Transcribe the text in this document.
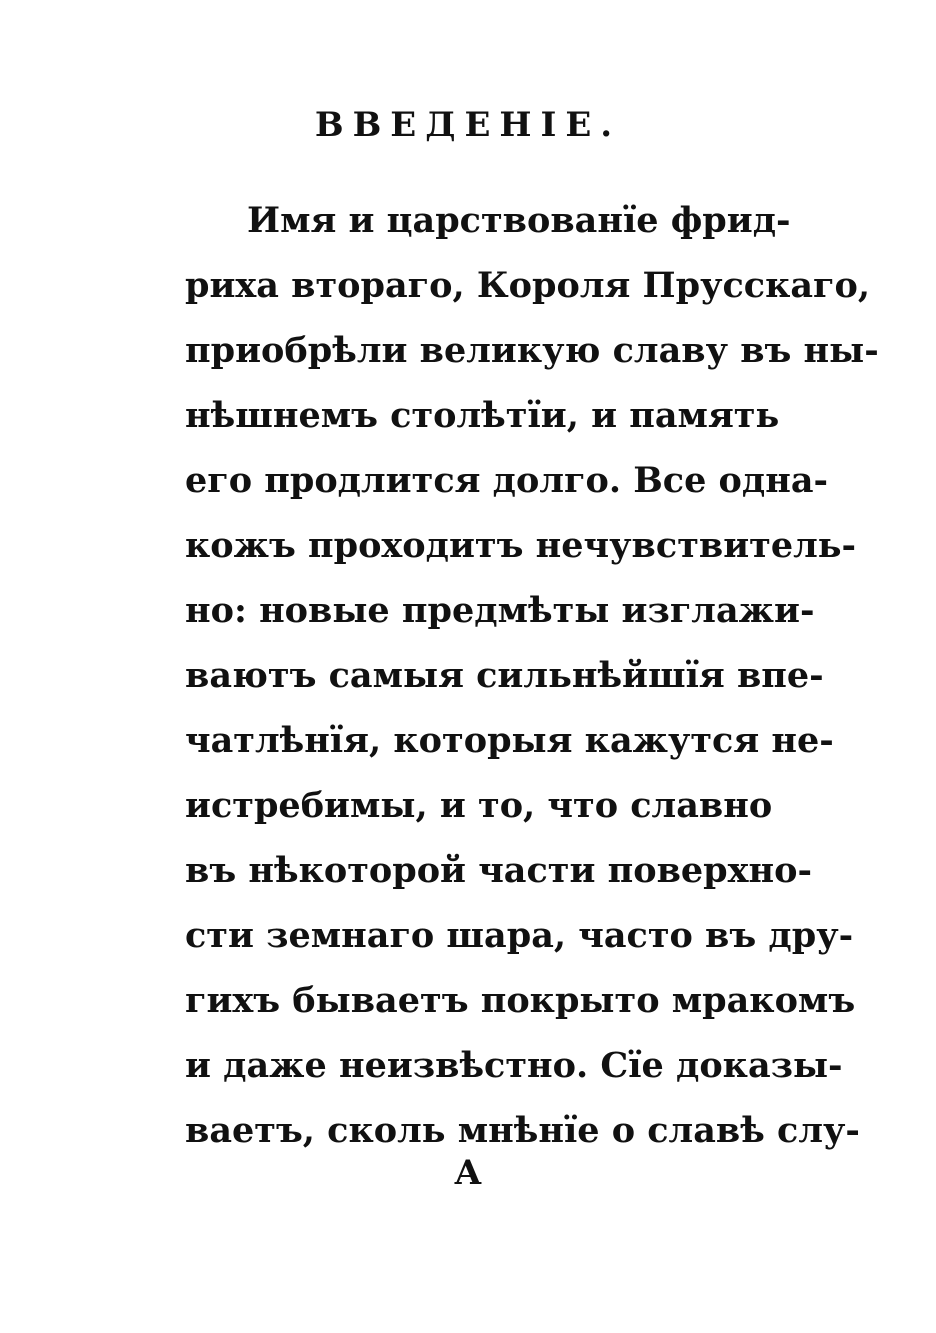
ВВЕДЕНІЕ.
Имя и царствованїе фрид-
риха втораго, Короля Прусскаго,
приобрѣли великую славу въ ны-
нѣшнемъ столѣтїи, и память
его продлится долго. Все одна-
кожъ проходитъ нечувствитель-
но: новые предмѣты изглажи-
ваютъ самыя сильнѣйшїя впе-
чатлѣнїя, которыя кажутся не-
истребимы, и то, что славно
въ нѣкоторой части поверхно-
сти земнаго шара, часто въ дру-
гихъ бываетъ покрыто мракомъ
и даже неизвѣстно. Сїе доказы-
ваетъ, сколь мнѣнїе о славѣ слу-
А
